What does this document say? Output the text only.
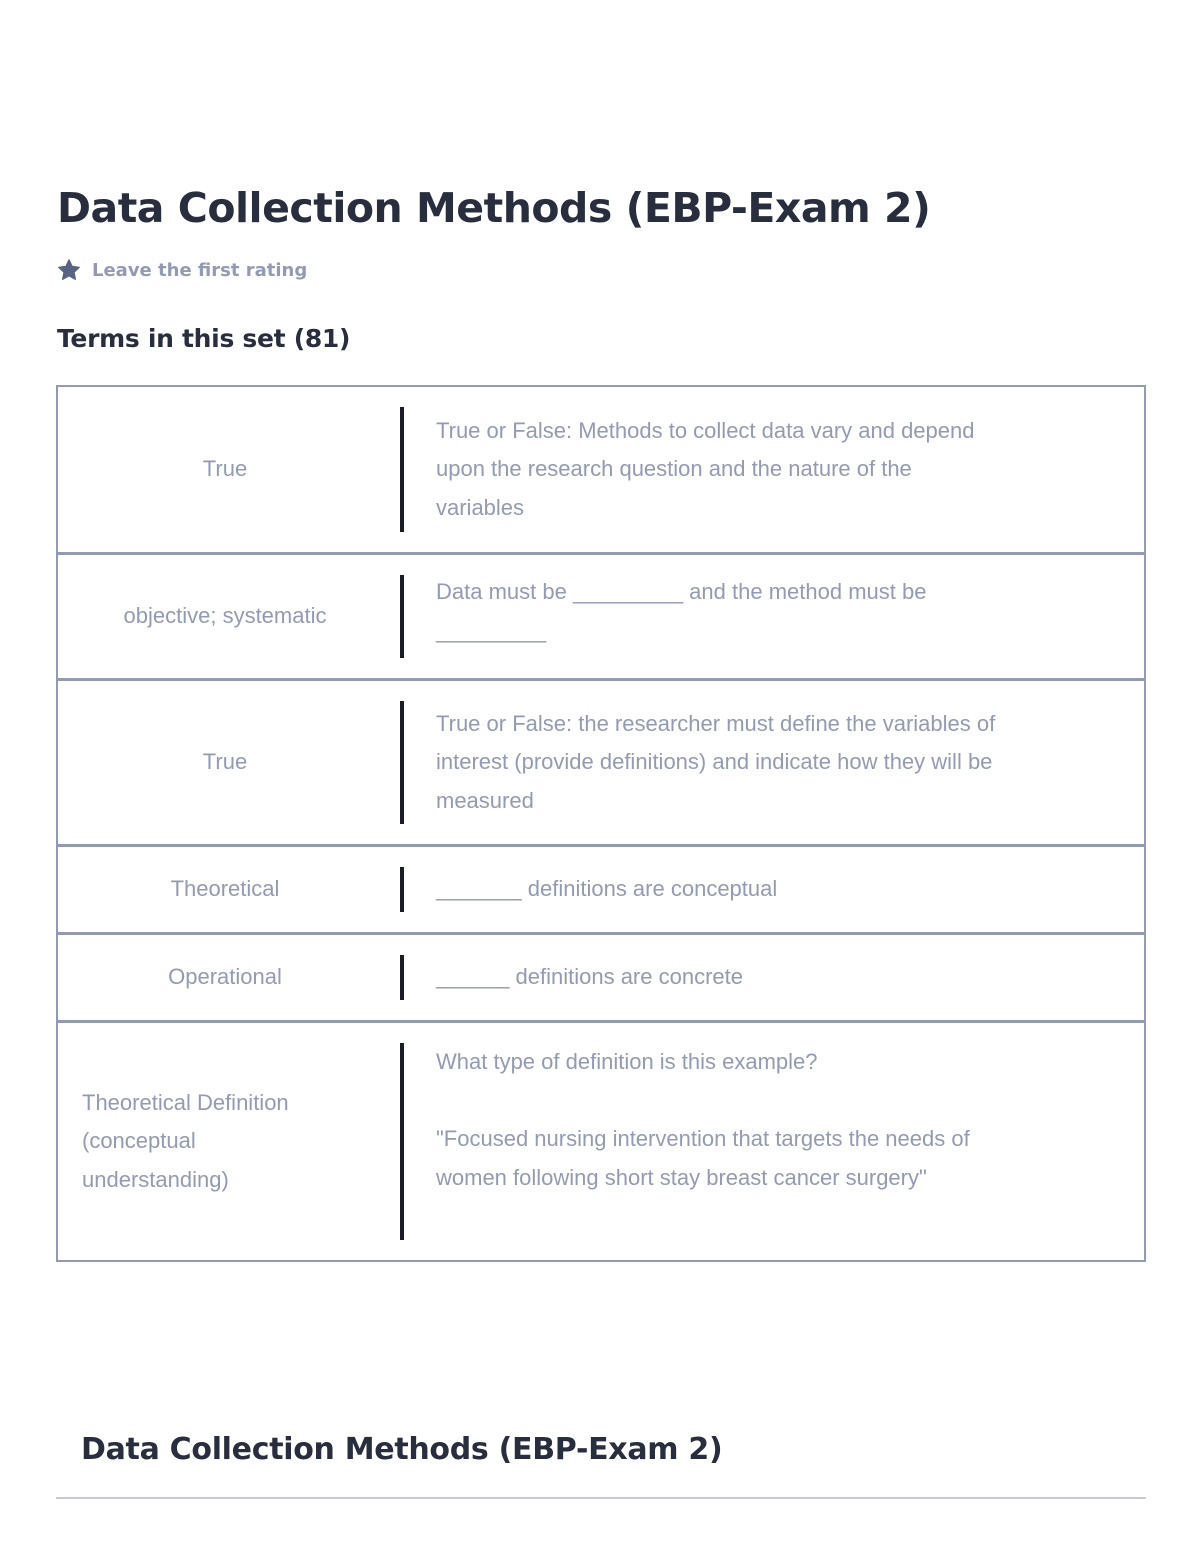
Data Collection Methods (EBP-Exam 2)
Leave the first rating
Terms in this set (81)
True
True or False: Methods to collect data vary and depend upon the research question and the nature of the variables
objective; systematic
Data must be _________ and the method must be _________
True
True or False: the researcher must define the variables of interest (provide definitions) and indicate how they will be measured
Theoretical	_______ definitions are conceptual
Operational	______ definitions are concrete
Theoretical Definition (conceptual understanding)
What type of definition is this example?

"Focused nursing intervention that targets the needs of women following short stay breast cancer surgery"
Data Collection Methods (EBP-Exam 2)
